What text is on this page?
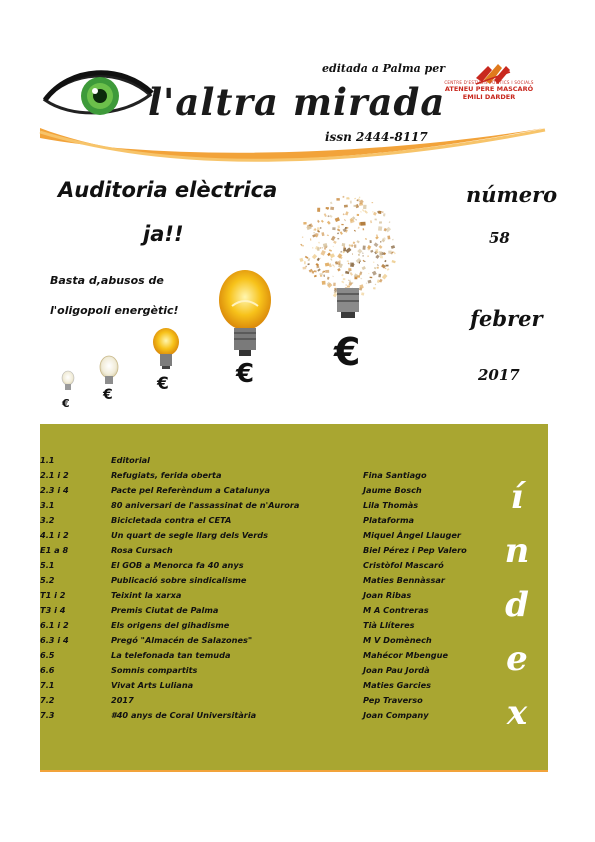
editada a Palma per
l'altra mirada
issn 2444-8117
CENTRE D'ESTUDIS POLÍTICS I SOCIALS
ATENEU PERE MASCARÓ
EMILI DARDER
Auditoria elèctrica
ja!!
Basta d,abusos de
l'oligopoli energètic!
número
58
febrer
2017
€
€
€	€ €
1.1	Editorial
2.1 i 2	Refugiats, ferida oberta	Fina Santiago
2.3 i 4	Pacte pel Referèndum a Catalunya	Jaume Bosch
3.1	80 aniversari de l'assassinat de n'Aurora	Lila Thomàs
3.2	Bicicletada contra el CETA	Plataforma
4.1 i 2	Un quart de segle llarg dels Verds	Miquel Àngel Llauger
E1 a 8	Rosa Cursach	Biel Pérez i Pep Valero
5.1	El GOB a Menorca fa 40 anys	Cristòfol Mascaró
5.2	Publicació sobre sindicalisme	Maties Bennàssar
T1 i 2	Teixint la xarxa	Joan Ribas
T3 i 4	Premis Ciutat de Palma	M A Contreras
6.1 i 2	Els origens del gihadisme	Tià Llíteres
6.3 i 4	Pregó "Almacén de Salazones"	M V Domènech
6.5	La telefonada tan temuda	Mahécor Mbengue
6.6	Somnis compartits	Joan Pau Jordà
7.1	Vivat Arts Luliana	Maties Garcies
7.2	2017	Pep Traverso
7.3	#40 anys de Coral Universitària	Joan Company
í
n
d
e
x
